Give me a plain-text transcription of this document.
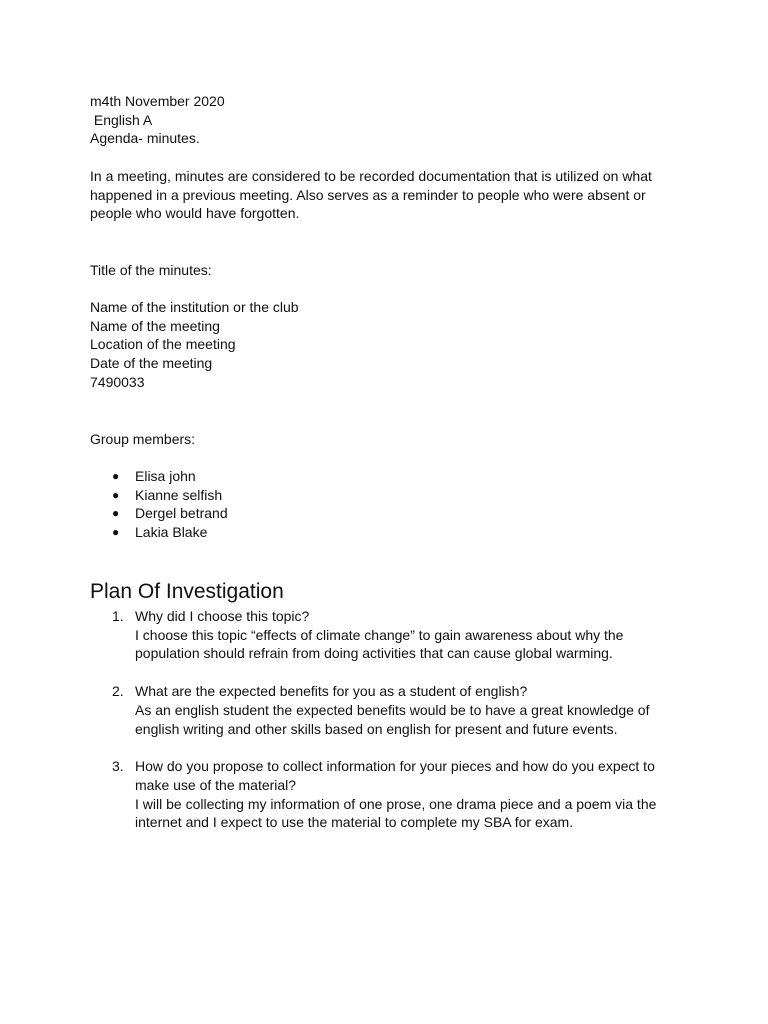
m4th November 2020
English A
Agenda- minutes.
In a meeting, minutes are considered to be recorded documentation that is utilized on what happened in a previous meeting. Also serves as a reminder to people who were absent or people who would have forgotten.
Title of the minutes:
Name of the institution or the club
Name of the meeting
Location of the meeting
Date of the meeting
7490033
Group members:
● Elisa john
● Kianne selfish
● Dergel betrand
● Lakia Blake
Plan Of Investigation
1. Why did I choose this topic?
I choose this topic “effects of climate change” to gain awareness about why the population should refrain from doing activities that can cause global warming.
2. What are the expected benefits for you as a student of english?
As an english student the expected benefits would be to have a great knowledge of english writing and other skills based on english for present and future events.
3. How do you propose to collect information for your pieces and how do you expect to make use of the material?
I will be collecting my information of one prose, one drama piece and a poem via the internet and I expect to use the material to complete my SBA for exam.
